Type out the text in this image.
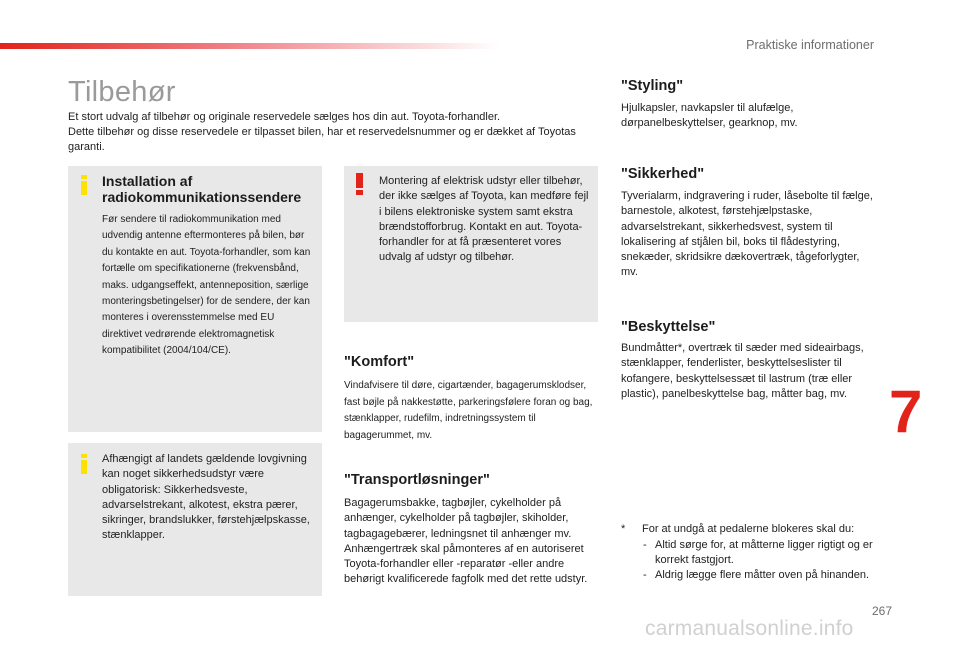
Praktiske informationer
Tilbehør

Et stort udvalg af tilbehør og originale reservedele sælges hos din aut. Toyota-forhandler.

Dette tilbehør og disse reservedele er tilpasset bilen, har et reservedelsnummer og er dækket af Toyotas garanti.

Installation af radiokommunikationssendere
Før sendere til radiokommunikation med udvendig antenne eftermonteres på bilen, bør du kontakte en aut. Toyota-forhandler, som kan fortælle om specifikationerne (frekvensbånd, maks. udgangseffekt, antenneposition, særlige monteringsbetingelser) for de sendere, der kan monteres i overensstemmelse med EU direktivet vedrørende elektromagnetisk kompatibilitet (2004/104/CE).
Afhængigt af landets gældende lovgivning kan noget sikkerhedsudstyr være obligatorisk: Sikkerhedsveste, advarselstrekant, alkotest, ekstra pærer, sikringer, brandslukker, førstehjælpskasse, stænklapper.
Montering af elektrisk udstyr eller tilbehør, der ikke sælges af Toyota, kan medføre fejl i bilens elektroniske system samt ekstra brændstofforbrug. Kontakt en aut. Toyota-forhandler for at få præsenteret vores udvalg af udstyr og tilbehør.
"Komfort"
Vindafvisere til døre, cigartænder, bagagerumsklodser, fast bøjle på nakkestøtte, parkeringsfølere foran og bag, stænklapper, rudefilm, indretningssystem til bagagerummet, mv.
"Transportløsninger"
Bagagerumsbakke, tagbøjler, cykelholder på anhænger, cykelholder på tagbøjler, skiholder, tagbagagebærer, ledningsnet til anhænger mv. Anhængertræk skal påmonteres af en autoriseret Toyota-forhandler eller -reparatør -eller andre behørigt kvalificerede fagfolk med det rette udstyr.
"Styling"
Hjulkapsler, navkapsler til alufælge, dørpanelbeskyttelser, gearknop, mv.
"Sikkerhed"
Tyverialarm, indgravering i ruder, låsebolte til fælge, barnestole, alkotest, førstehjælpstaske, advarselstrekant, sikkerhedsvest, system til lokalisering af stjålen bil, boks til flådestyring, snekæder, skridsikre dækovertræk, tågeforlygter, mv.
"Beskyttelse"
Bundmåtter*, overtræk til sæder med sideairbags, stænklapper, fenderlister, beskyttelseslister til kofangere, beskyttelsessæt til lastrum (træ eller plastic), panelbeskyttelse bag, måtter bag, mv.
* For at undgå at pedalerne blokeres skal du:
- Altid sørge for, at måtterne ligger rigtigt og er korrekt fastgjort.
- Aldrig lægge flere måtter oven på hinanden.
7
267
carmanualsonline.info
